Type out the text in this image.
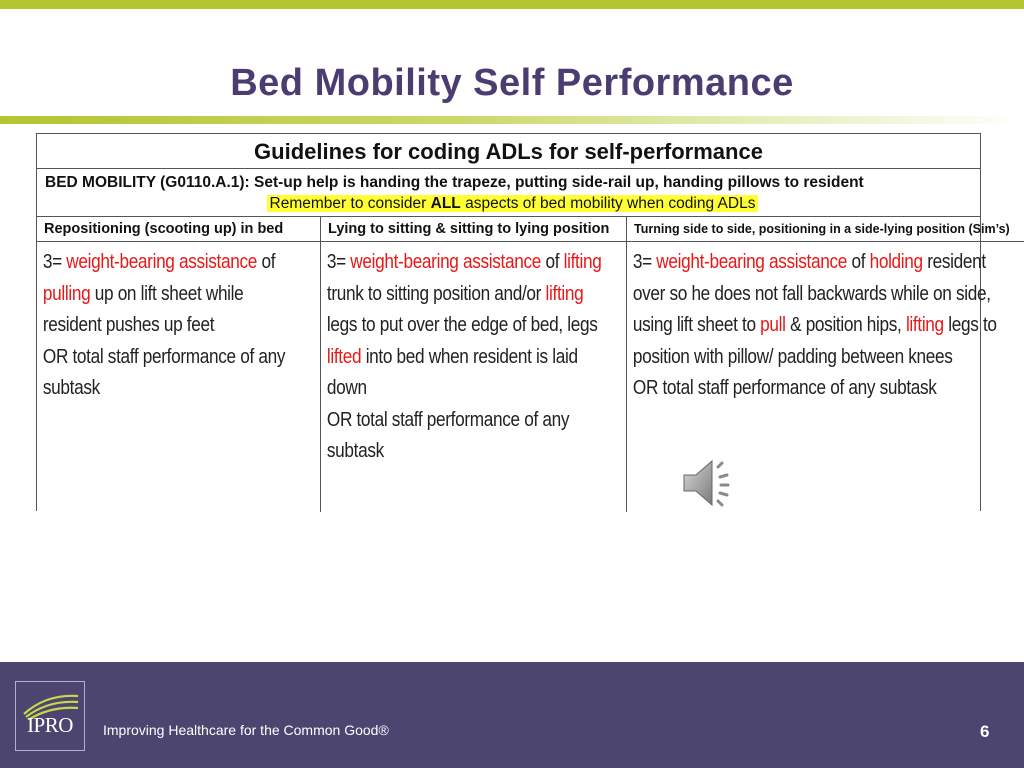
Bed Mobility Self Performance
Guidelines for coding ADLs for self-performance
BED MOBILITY (G0110.A.1): Set-up help is handing the trapeze, putting side-rail up, handing pillows to resident
Remember to consider ALL aspects of bed mobility when coding ADLs
Repositioning (scooting up) in bed
3= weight-bearing assistance of pulling up on lift sheet while resident pushes up feet
OR total staff performance of any subtask
Lying to sitting & sitting to lying position
3= weight-bearing assistance of lifting trunk to sitting position and/or lifting legs to put over the edge of bed, legs lifted into bed when resident is laid down
OR total staff performance of any subtask
Turning side to side, positioning in a side-lying position (Sim’s)
3= weight-bearing assistance of holding resident over so he does not fall backwards while on side, using lift sheet to pull & position hips, lifting legs to position with pillow/ padding between knees
OR total staff performance of any subtask
IPRO	Improving Healthcare for the Common Good®	6
